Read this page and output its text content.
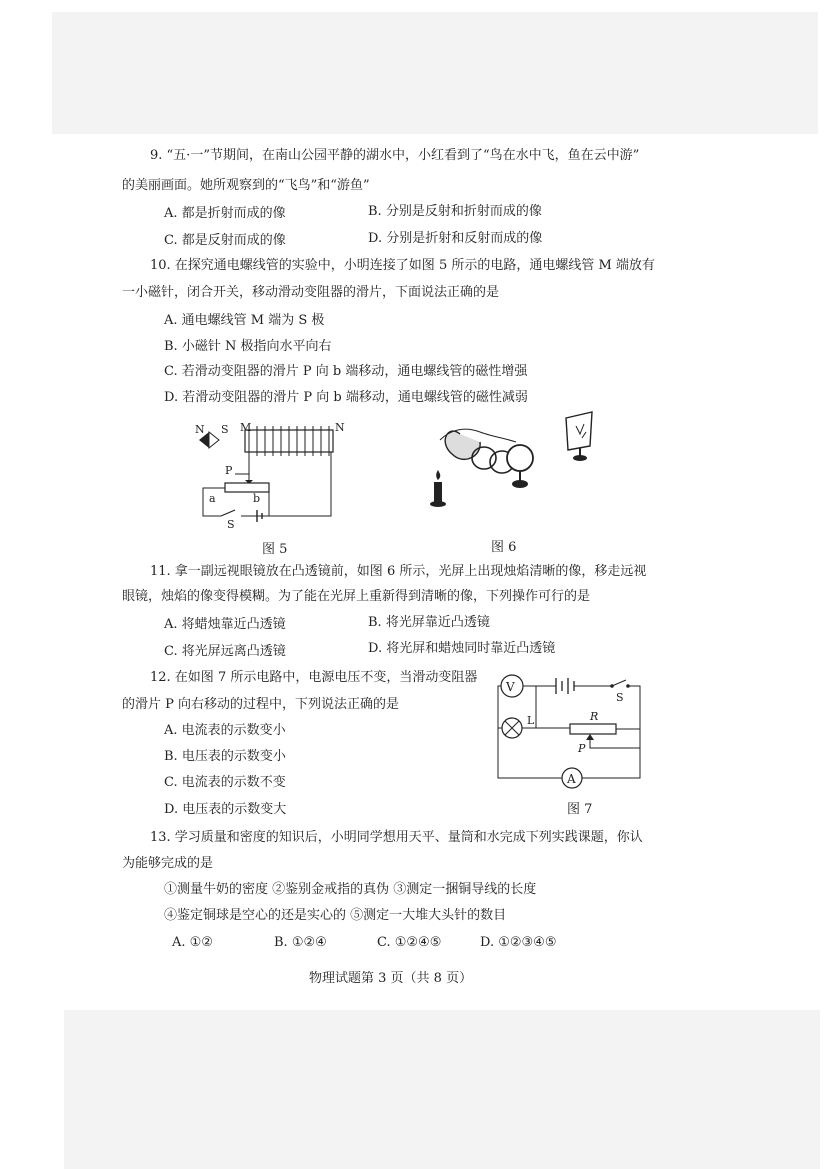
9. “五·一”节期间，在南山公园平静的湖水中，小红看到了“鸟在水中飞，鱼在云中游”
的美丽画面。她所观察到的“飞鸟”和“游鱼”
A. 都是折射而成的像	B. 分别是反射和折射而成的像
C. 都是反射而成的像	D. 分别是折射和反射而成的像
10. 在探究通电螺线管的实验中，小明连接了如图 5 所示的电路，通电螺线管 M 端放有
一小磁针，闭合开关，移动滑动变阻器的滑片，下面说法正确的是
A. 通电螺线管 M 端为 S 极
B. 小磁针 N 极指向水平向右
C. 若滑动变阻器的滑片 P 向 b 端移动，通电螺线管的磁性增强
D. 若滑动变阻器的滑片 P 向 b 端移动，通电螺线管的磁性减弱
N S M	N
P
a	b
S
图 5	图 6
11. 拿一副远视眼镜放在凸透镜前，如图 6 所示，光屏上出现烛焰清晰的像，移走远视
眼镜，烛焰的像变得模糊。为了能在光屏上重新得到清晰的像，下列操作可行的是
A. 将蜡烛靠近凸透镜	B. 将光屏靠近凸透镜
C. 将光屏远离凸透镜	D. 将光屏和蜡烛同时靠近凸透镜
12. 在如图 7 所示电路中，电源电压不变，当滑动变阻器
的滑片 P 向右移动的过程中，下列说法正确的是
A. 电流表的示数变小
B. 电压表的示数变小
C. 电流表的示数不变
D. 电压表的示数变大
V
S
L	R
P
A
图 7
13. 学习质量和密度的知识后，小明同学想用天平、量筒和水完成下列实践课题，你认
为能够完成的是
①测量牛奶的密度 ②鉴别金戒指的真伪 ③测定一捆铜导线的长度
④鉴定铜球是空心的还是实心的 ⑤测定一大堆大头针的数目
A. ①②	B. ①②④	C. ①②④⑤	D. ①②③④⑤
物理试题第 3 页（共 8 页）
